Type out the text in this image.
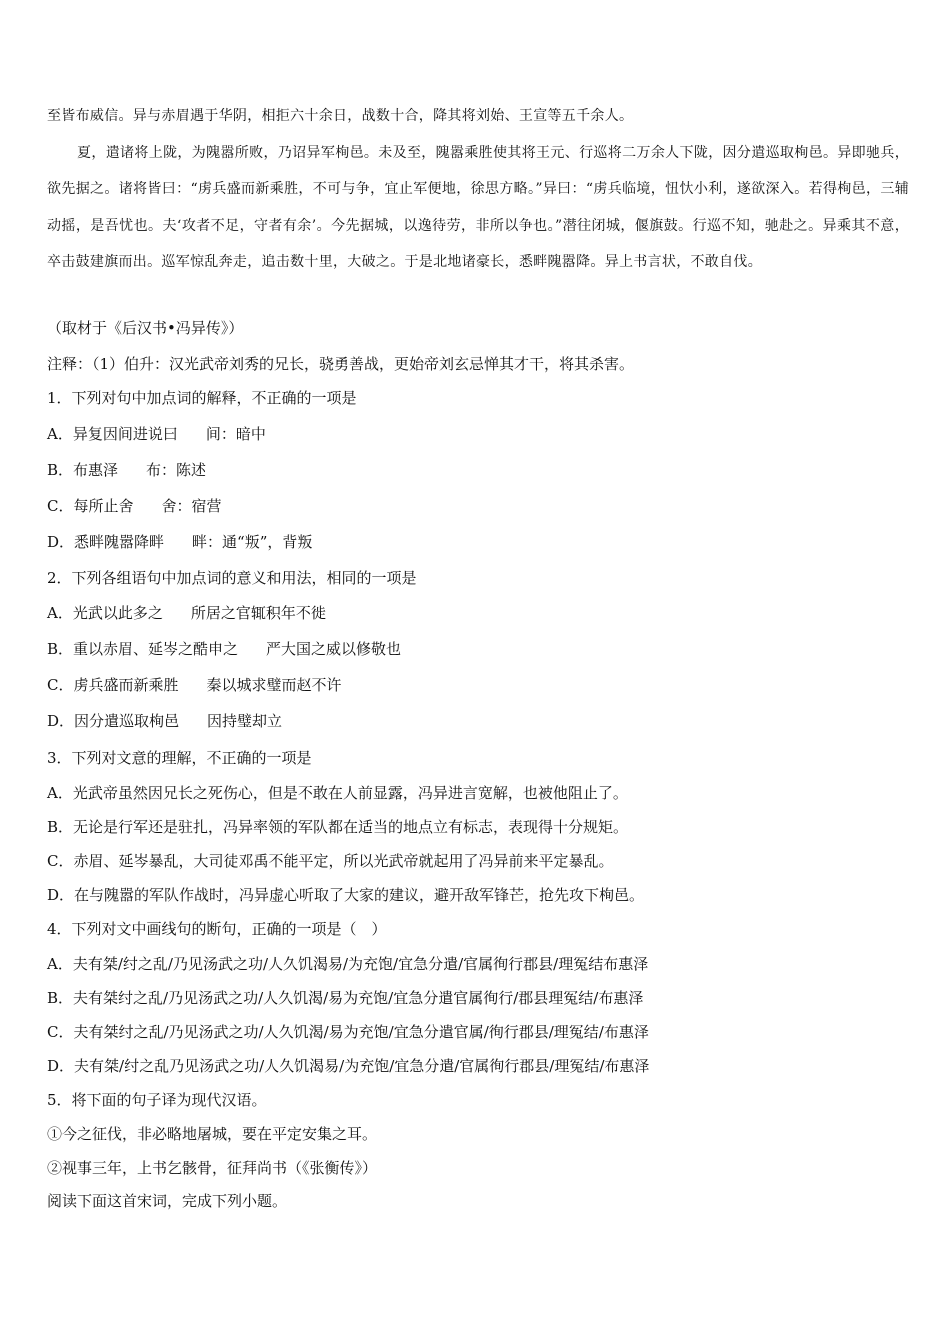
至皆布威信。异与赤眉遇于华阴，相拒六十余日，战数十合，降其将刘始、王宣等五千余人。

夏，遣诸将上陇，为隗嚣所败，乃诏异军栒邑。未及至，隗嚣乘胜使其将王元、行巡将二万余人下陇，因分遣巡取栒邑。异即驰兵，欲先据之。诸将皆曰：“虏兵盛而新乘胜，不可与争，宜止军便地，徐思方略。”异曰：“虏兵临境，忸忕小利，遂欲深入。若得栒邑，三辅动摇，是吾忧也。夫‘攻者不足，守者有余’。今先据城，以逸待劳，非所以争也。”潜往闭城，偃旗鼓。行巡不知，驰赴之。异乘其不意，卒击鼓建旗而出。巡军惊乱奔走，追击数十里，大破之。于是北地诸豪长，悉畔隗嚣降。异上书言状，不敢自伐。

（取材于《后汉书•冯异传》）
注释：（1）伯升：汉光武帝刘秀的兄长，骁勇善战，更始帝刘玄忌惮其才干，将其杀害。
1．下列对句中加点词的解释，不正确的一项是
A．异复因间进说曰 间：暗中
B．布惠泽 布：陈述
C．每所止舍 舍：宿营
D．悉畔隗嚣降畔 畔：通“叛”，背叛
2．下列各组语句中加点词的意义和用法，相同的一项是
A．光武以此多之 所居之官辄积年不徙
B．重以赤眉、延岑之酷申之 严大国之威以修敬也
C．虏兵盛而新乘胜 秦以城求璧而赵不许
D．因分遣巡取栒邑 因持璧却立
3．下列对文意的理解，不正确的一项是
A．光武帝虽然因兄长之死伤心，但是不敢在人前显露，冯异进言宽解，也被他阻止了。
B．无论是行军还是驻扎，冯异率领的军队都在适当的地点立有标志，表现得十分规矩。
C．赤眉、延岑暴乱，大司徒邓禹不能平定，所以光武帝就起用了冯异前来平定暴乱。
D．在与隗嚣的军队作战时，冯异虚心听取了大家的建议，避开敌军锋芒，抢先攻下栒邑。
4．下列对文中画线句的断句，正确的一项是（　）
A．夫有桀/纣之乱/乃见汤武之功/人久饥渴易/为充饱/宜急分遣/官属徇行郡县/理冤结布惠泽
B．夫有桀纣之乱/乃见汤武之功/人久饥渴/易为充饱/宜急分遣官属徇行/郡县理冤结/布惠泽
C．夫有桀纣之乱/乃见汤武之功/人久饥渴/易为充饱/宜急分遣官属/徇行郡县/理冤结/布惠泽
D．夫有桀/纣之乱乃见汤武之功/人久饥渴易/为充饱/宜急分遣/官属徇行郡县/理冤结/布惠泽
5．将下面的句子译为现代汉语。
①今之征伐，非必略地屠城，要在平定安集之耳。
②视事三年，上书乞骸骨，征拜尚书（《张衡传》）
阅读下面这首宋词，完成下列小题。
